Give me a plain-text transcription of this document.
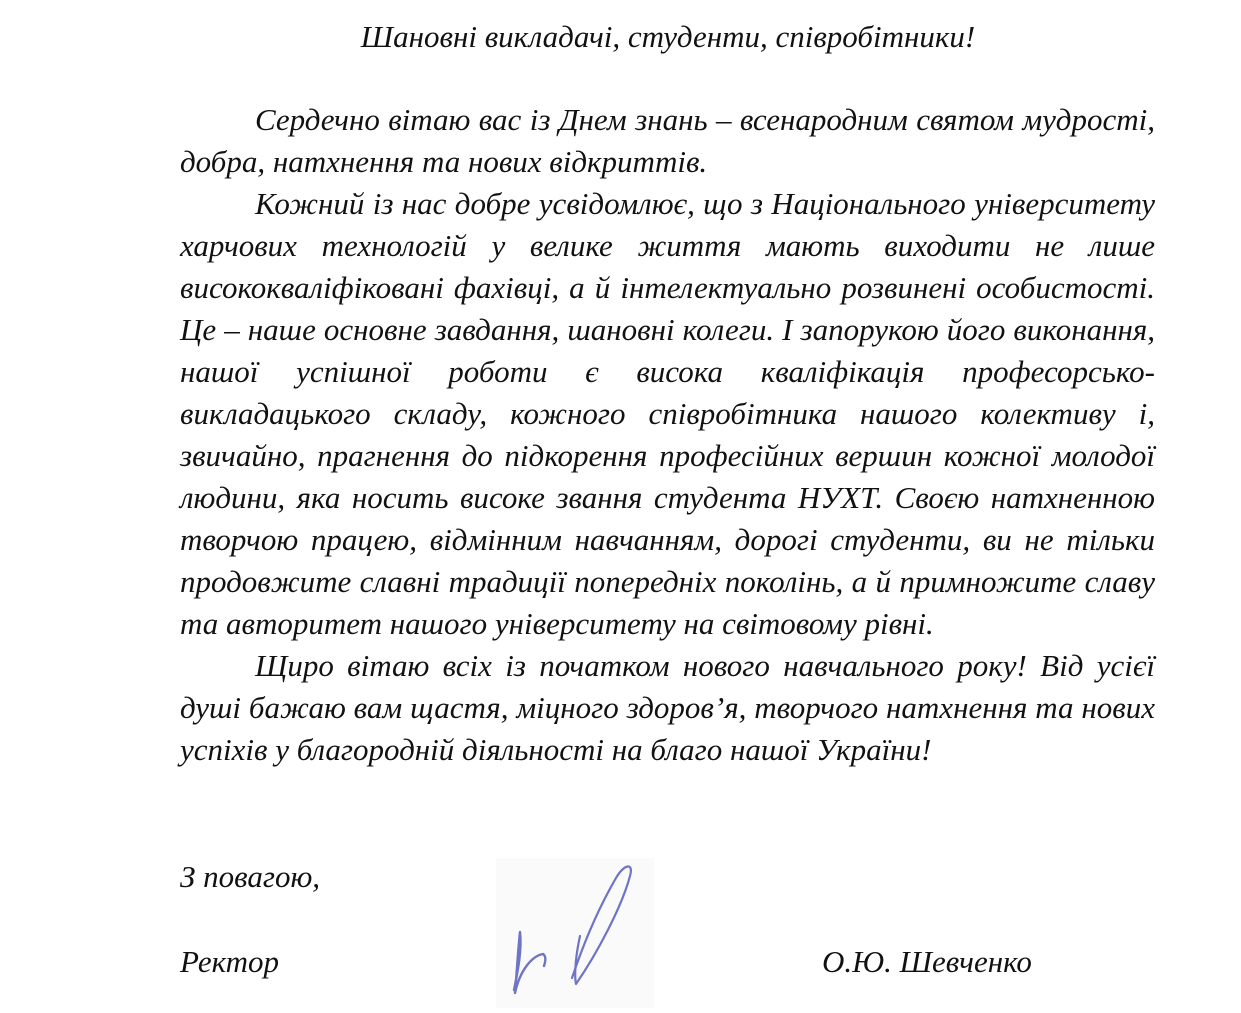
Шановні викладачі, студенти, співробітники!

Сердечно вітаю вас із Днем знань – всенародним святом мудрості, добра, натхнення та нових відкриттів.

Кожний із нас добре усвідомлює, що з Національного університету харчових технологій у велике життя мають виходити не лише висококваліфіковані фахівці, а й інтелектуально розвинені особистості. Це – наше основне завдання, шановні колеги. І запорукою його виконання, нашої успішної роботи є висока кваліфікація професорсько-викладацького складу, кожного співробітника нашого колективу і, звичайно, прагнення до підкорення професійних вершин кожної молодої людини, яка носить високе звання студента НУХТ. Своєю натхненною творчою працею, відмінним навчанням, дорогі студенти, ви не тільки продовжите славні традиції попередніх поколінь, а й примножите славу та авторитет нашого університету на світовому рівні.

Щиро вітаю всіх із початком нового навчального року! Від усієї душі бажаю вам щастя, міцного здоров’я, творчого натхнення та нових успіхів у благородній діяльності на благо нашої України!

З повагою,
Ректор	О.Ю. Шевченко
